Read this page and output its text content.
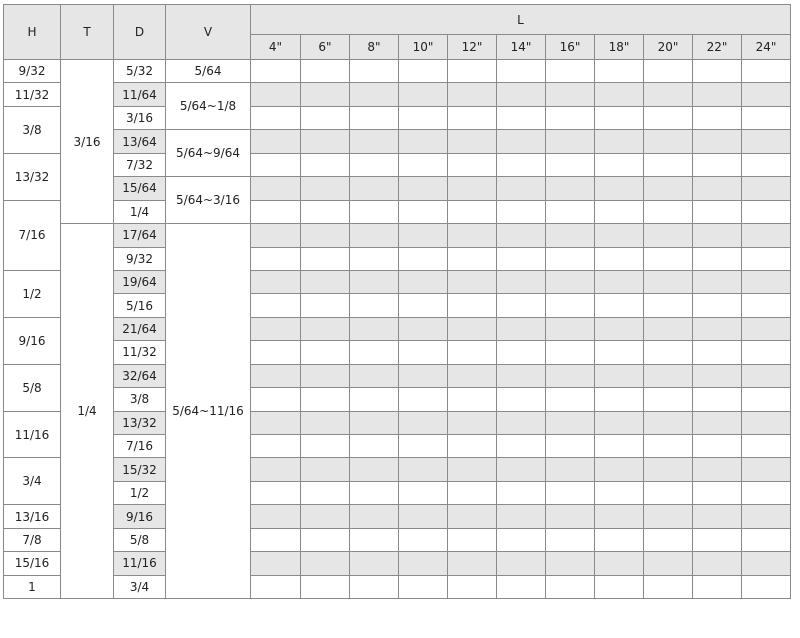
H	T	D	V	L										
				4"	6"	8"	10"	12"	14"	16"	18"	20"	22"	24"
9/32	3/16	5/32	5/64											
11/32		11/64	5/64~1/8											
3/8		3/16												
		13/64	5/64~9/64											
13/32		7/32												
		15/64	5/64~3/16											
7/16		1/4												
	1/4	17/64	5/64~11/16											
		9/32												
1/2		19/64												
		5/16												
9/16		21/64												
		11/32												
5/8		32/64												
		3/8												
11/16		13/32												
		7/16												
3/4		15/32												
		1/2												
13/16		9/16												
7/8		5/8												
15/16		11/16												
1		3/4												
